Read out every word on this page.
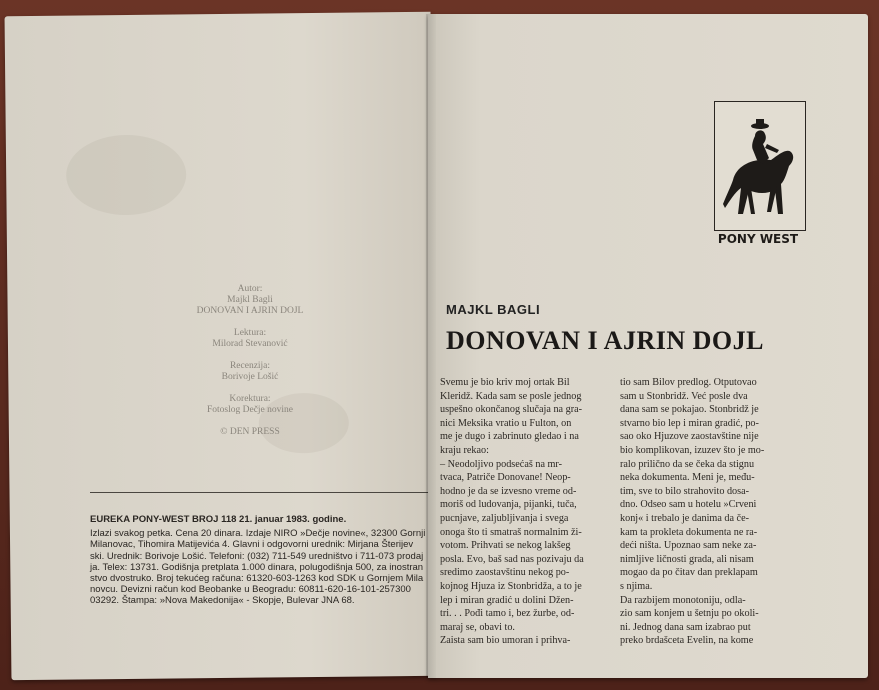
Autor:
Majkl Bagli
DONOVAN I AJRIN DOJL
Lektura:
Milorad Stevanović
Recenzija:
Borivoje Lošić
Korektura:
Fotoslog Dečje novine
© DEN PRESS
EUREKA PONY-WEST BROJ 118 21. januar 1983. godine.
Izlazi svakog petka. Cena 20 dinara. Izdaje NIRO »Dečje novine«, 32300 Gornji
Milanovac, Tihomira Matijevića 4. Glavni i odgovorni urednik: Mirjana Šterijev
ski. Urednik: Borivoje Lošić. Telefoni: (032) 711-549 uredništvo i 711-073 prodaj
ja. Telex: 13731. Godišnja pretplata 1.000 dinara, polugodišnja 500, za inostran
stvo dvostruko. Broj tekućeg računa: 61320-603-1263 kod SDK u Gornjem Mila
novcu. Devizni račun kod Beobanke u Beogradu: 60811-620-16-101-257300
03292. Štampa: »Nova Makedonija« - Skopje, Bulevar JNA 68.
PONY WEST
MAJKL BAGLI
DONOVAN I AJRIN DOJL
Svemu je bio kriv moj ortak Bil
Kleridž. Kada sam se posle jednog
uspešno okončanog slučaja na gra-
nici Meksika vratio u Fulton, on
me je dugo i zabrinuto gledao i na
kraju rekao:
– Neodoljivo podsećaš na mr-
tvaca, Patriče Donovane! Neop-
hodno je da se izvesno vreme od-
moriš od ludovanja, pijanki, tuča,
pucnjave, zaljubljivanja i svega
onoga što ti smatraš normalnim ži-
votom. Prihvati se nekog lakšeg
posla. Evo, baš sad nas pozivaju da
sredimo zaostavštinu nekog po-
kojnog Hjuza iz Stonbridža, a to je
lep i miran gradić u dolini Džen-
tri. . . Pođi tamo i, bez žurbe, od-
maraj se, obavi to.
Zaista sam bio umoran i prihva-
tio sam Bilov predlog. Otputovao
sam u Stonbridž. Već posle dva
dana sam se pokajao. Stonbridž je
stvarno bio lep i miran gradić, po-
sao oko Hjuzove zaostavštine nije
bio komplikovan, izuzev što je mo-
ralo prilično da se čeka da stignu
neka dokumenta. Meni je, među-
tim, sve to bilo strahovito dosa-
dno. Odseo sam u hotelu »Crveni
konj« i trebalo je danima da če-
kam ta prokleta dokumenta ne ra-
deći ništa. Upoznao sam neke za-
nimljive ličnosti grada, ali nisam
mogao da po čitav dan preklapam
s njima.
Da razbijem monotoniju, odla-
zio sam konjem u šetnju po okoli-
ni. Jednog dana sam izabrao put
preko brdašceta Evelin, na kome
